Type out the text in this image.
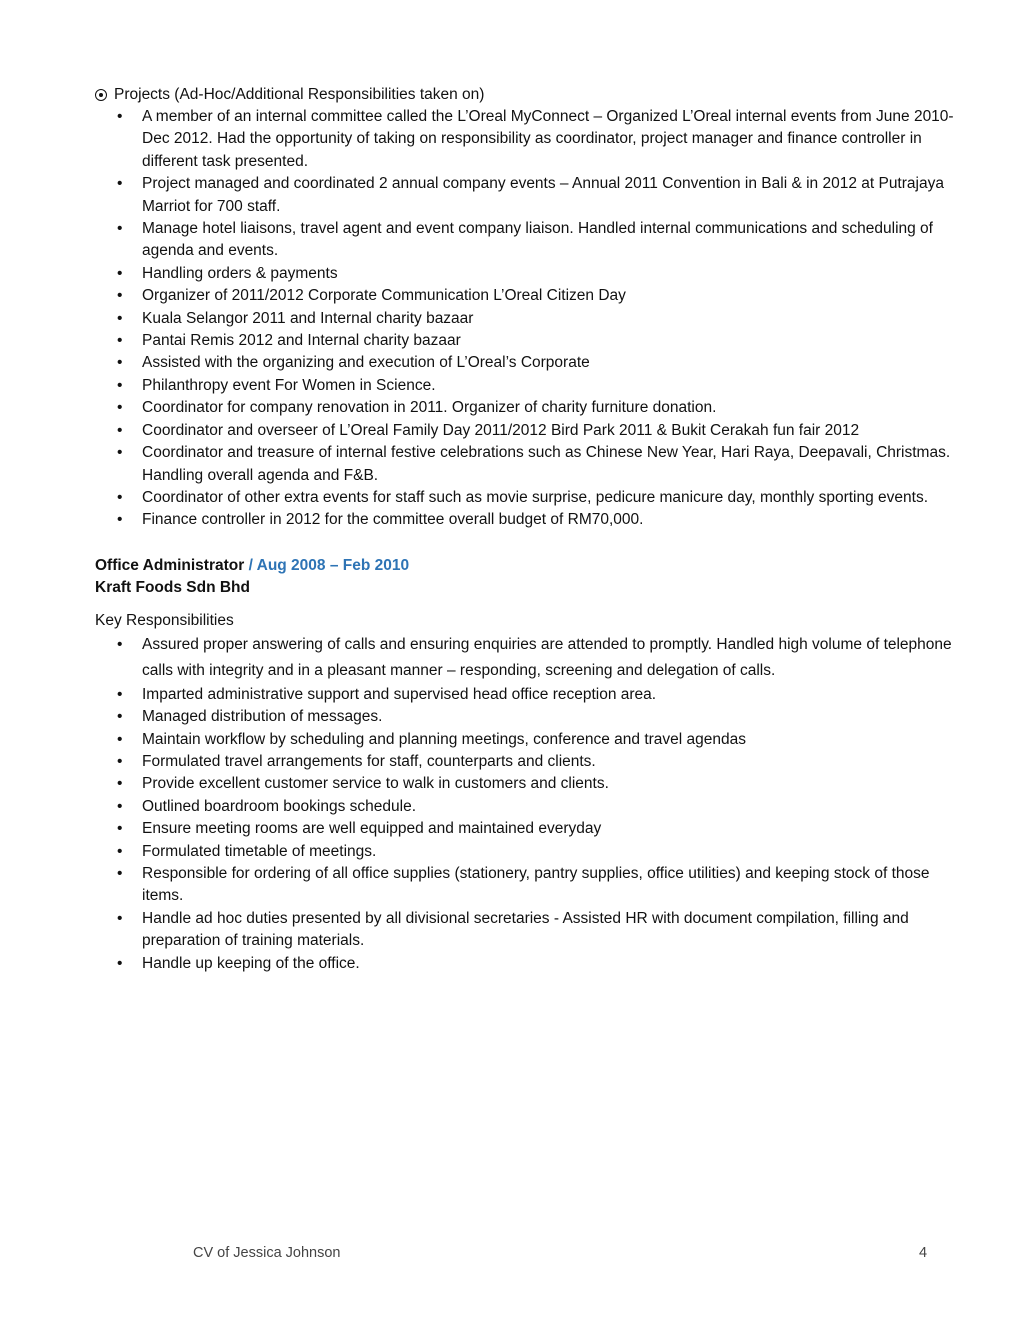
Projects (Ad-Hoc/Additional Responsibilities taken on)
• A member of an internal committee called the L’Oreal MyConnect – Organized L’Oreal internal events from June 2010-Dec 2012. Had the opportunity of taking on responsibility as coordinator, project manager and finance controller in different task presented.
• Project managed and coordinated 2 annual company events – Annual 2011 Convention in Bali & in 2012 at Putrajaya Marriot for 700 staff.
• Manage hotel liaisons, travel agent and event company liaison. Handled internal communications and scheduling of agenda and events.
• Handling orders & payments
• Organizer of 2011/2012 Corporate Communication L’Oreal Citizen Day
• Kuala Selangor 2011 and Internal charity bazaar
• Pantai Remis 2012 and Internal charity bazaar
• Assisted with the organizing and execution of L’Oreal’s Corporate
• Philanthropy event For Women in Science.
• Coordinator for company renovation in 2011. Organizer of charity furniture donation.
• Coordinator and overseer of L’Oreal Family Day 2011/2012 Bird Park 2011 & Bukit Cerakah fun fair 2012
• Coordinator and treasure of internal festive celebrations such as Chinese New Year, Hari Raya, Deepavali, Christmas. Handling overall agenda and F&B.
• Coordinator of other extra events for staff such as movie surprise, pedicure manicure day, monthly sporting events.
• Finance controller in 2012 for the committee overall budget of RM70,000.
Office Administrator / Aug 2008 – Feb 2010
Kraft Foods Sdn Bhd
Key Responsibilities
• Assured proper answering of calls and ensuring enquiries are attended to promptly. Handled high volume of telephone calls with integrity and in a pleasant manner – responding, screening and delegation of calls.
• Imparted administrative support and supervised head office reception area.
• Managed distribution of messages.
• Maintain workflow by scheduling and planning meetings, conference and travel agendas
• Formulated travel arrangements for staff, counterparts and clients.
• Provide excellent customer service to walk in customers and clients.
• Outlined boardroom bookings schedule.
• Ensure meeting rooms are well equipped and maintained everyday
• Formulated timetable of meetings.
• Responsible for ordering of all office supplies (stationery, pantry supplies, office utilities) and keeping stock of those items.
• Handle ad hoc duties presented by all divisional secretaries - Assisted HR with document compilation, filling and preparation of training materials.
• Handle up keeping of the office.
CV of Jessica Johnson	4
